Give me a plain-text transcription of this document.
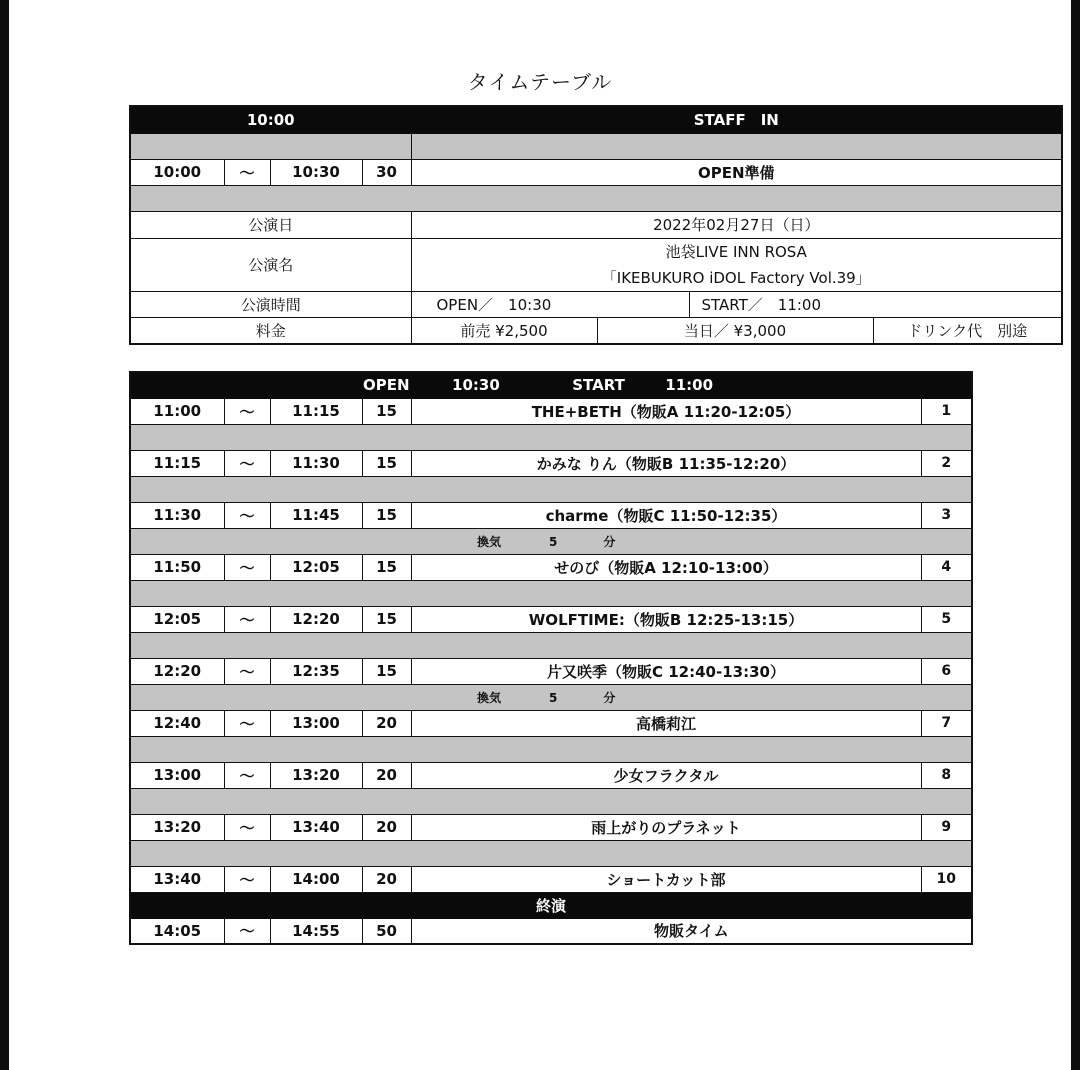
タイムテーブル
10:00				STAFF　IN			

10:00	〜	10:30	30	OPEN準備			

公演日				2022年02月27日（日）			
公演名				池袋LIVE INN ROSA
「IKEBUKURO iDOL Factory Vol.39」			

公演時間				OPEN／　10:30		START／　11:00	
料金				前売 ¥2,500	当日／ ¥3,000		ドリンク代　別途
OPEN 10:30 START 11:00					
11:00	〜	11:15	15	THE+BETH（物販A 11:20-12:05）	1

11:15	〜	11:30	15	かみな りん（物販B 11:35-12:20）	2

11:30	〜	11:45	15	charme（物販C 11:50-12:35）	3
換気 5 分					
11:50	〜	12:05	15	せのび（物販A 12:10-13:00）	4

12:05	〜	12:20	15	WOLFTIME:（物販B 12:25-13:15）	5

12:20	〜	12:35	15	片又咲季（物販C 12:40-13:30）	6
換気 5 分					
12:40	〜	13:00	20	高橋莉江	7

13:00	〜	13:20	20	少女フラクタル	8

13:20	〜	13:40	20	雨上がりのプラネット	9

13:40	〜	14:00	20	ショートカット部	10
終演					
14:05	〜	14:55	50	物販タイム	
